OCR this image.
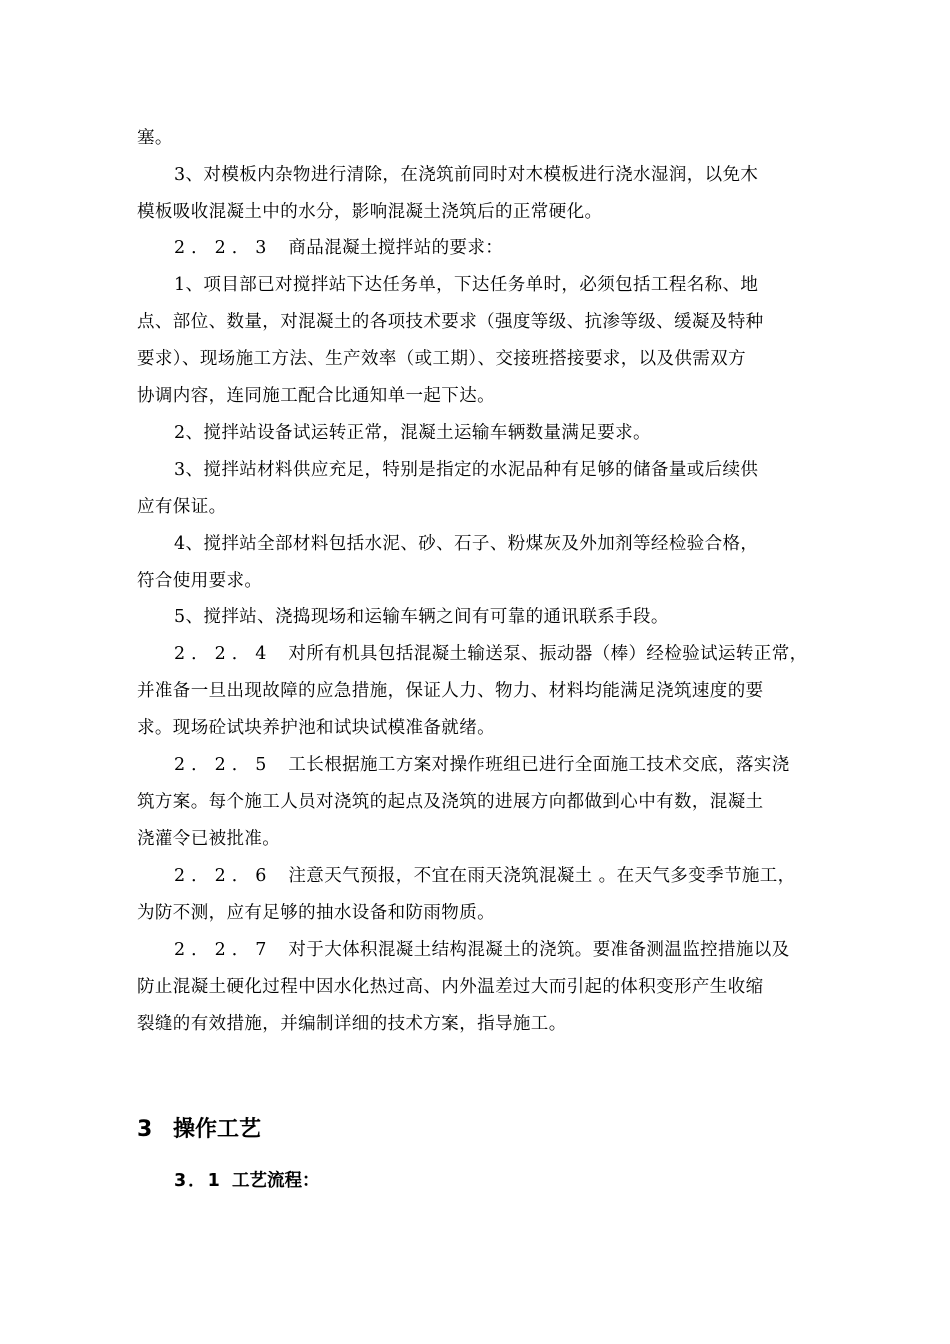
塞。
3、对模板内杂物进行清除，在浇筑前同时对木模板进行浇水湿润，以免木
模板吸收混凝土中的水分，影响混凝土浇筑后的正常硬化。
2．2．3 商品混凝土搅拌站的要求：
1、项目部已对搅拌站下达任务单，下达任务单时，必须包括工程名称、地
点、部位、数量，对混凝土的各项技术要求（强度等级、抗渗等级、缓凝及特种
要求）、现场施工方法、生产效率（或工期）、交接班搭接要求，以及供需双方
协调内容，连同施工配合比通知单一起下达。
2、搅拌站设备试运转正常，混凝土运输车辆数量满足要求。
3、搅拌站材料供应充足，特别是指定的水泥品种有足够的储备量或后续供
应有保证。
4、搅拌站全部材料包括水泥、砂、石子、粉煤灰及外加剂等经检验合格，
符合使用要求。
5、搅拌站、浇捣现场和运输车辆之间有可靠的通讯联系手段。
2．2．4 对所有机具包括混凝土输送泵、振动器（棒）经检验试运转正常，
并准备一旦出现故障的应急措施，保证人力、物力、材料均能满足浇筑速度的要
求。现场砼试块养护池和试块试模准备就绪。
2．2．5 工长根据施工方案对操作班组已进行全面施工技术交底，落实浇
筑方案。每个施工人员对浇筑的起点及浇筑的进展方向都做到心中有数，混凝土
浇灌令已被批准。
2．2．6 注意天气预报，不宜在雨天浇筑混凝土 。在天气多变季节施工，
为防不测，应有足够的抽水设备和防雨物质。
2．2．7 对于大体积混凝土结构混凝土的浇筑。要准备测温监控措施以及
防止混凝土硬化过程中因水化热过高、内外温差过大而引起的体积变形产生收缩
裂缝的有效措施，并编制详细的技术方案，指导施工。
3 操作工艺
3．1 工艺流程：
